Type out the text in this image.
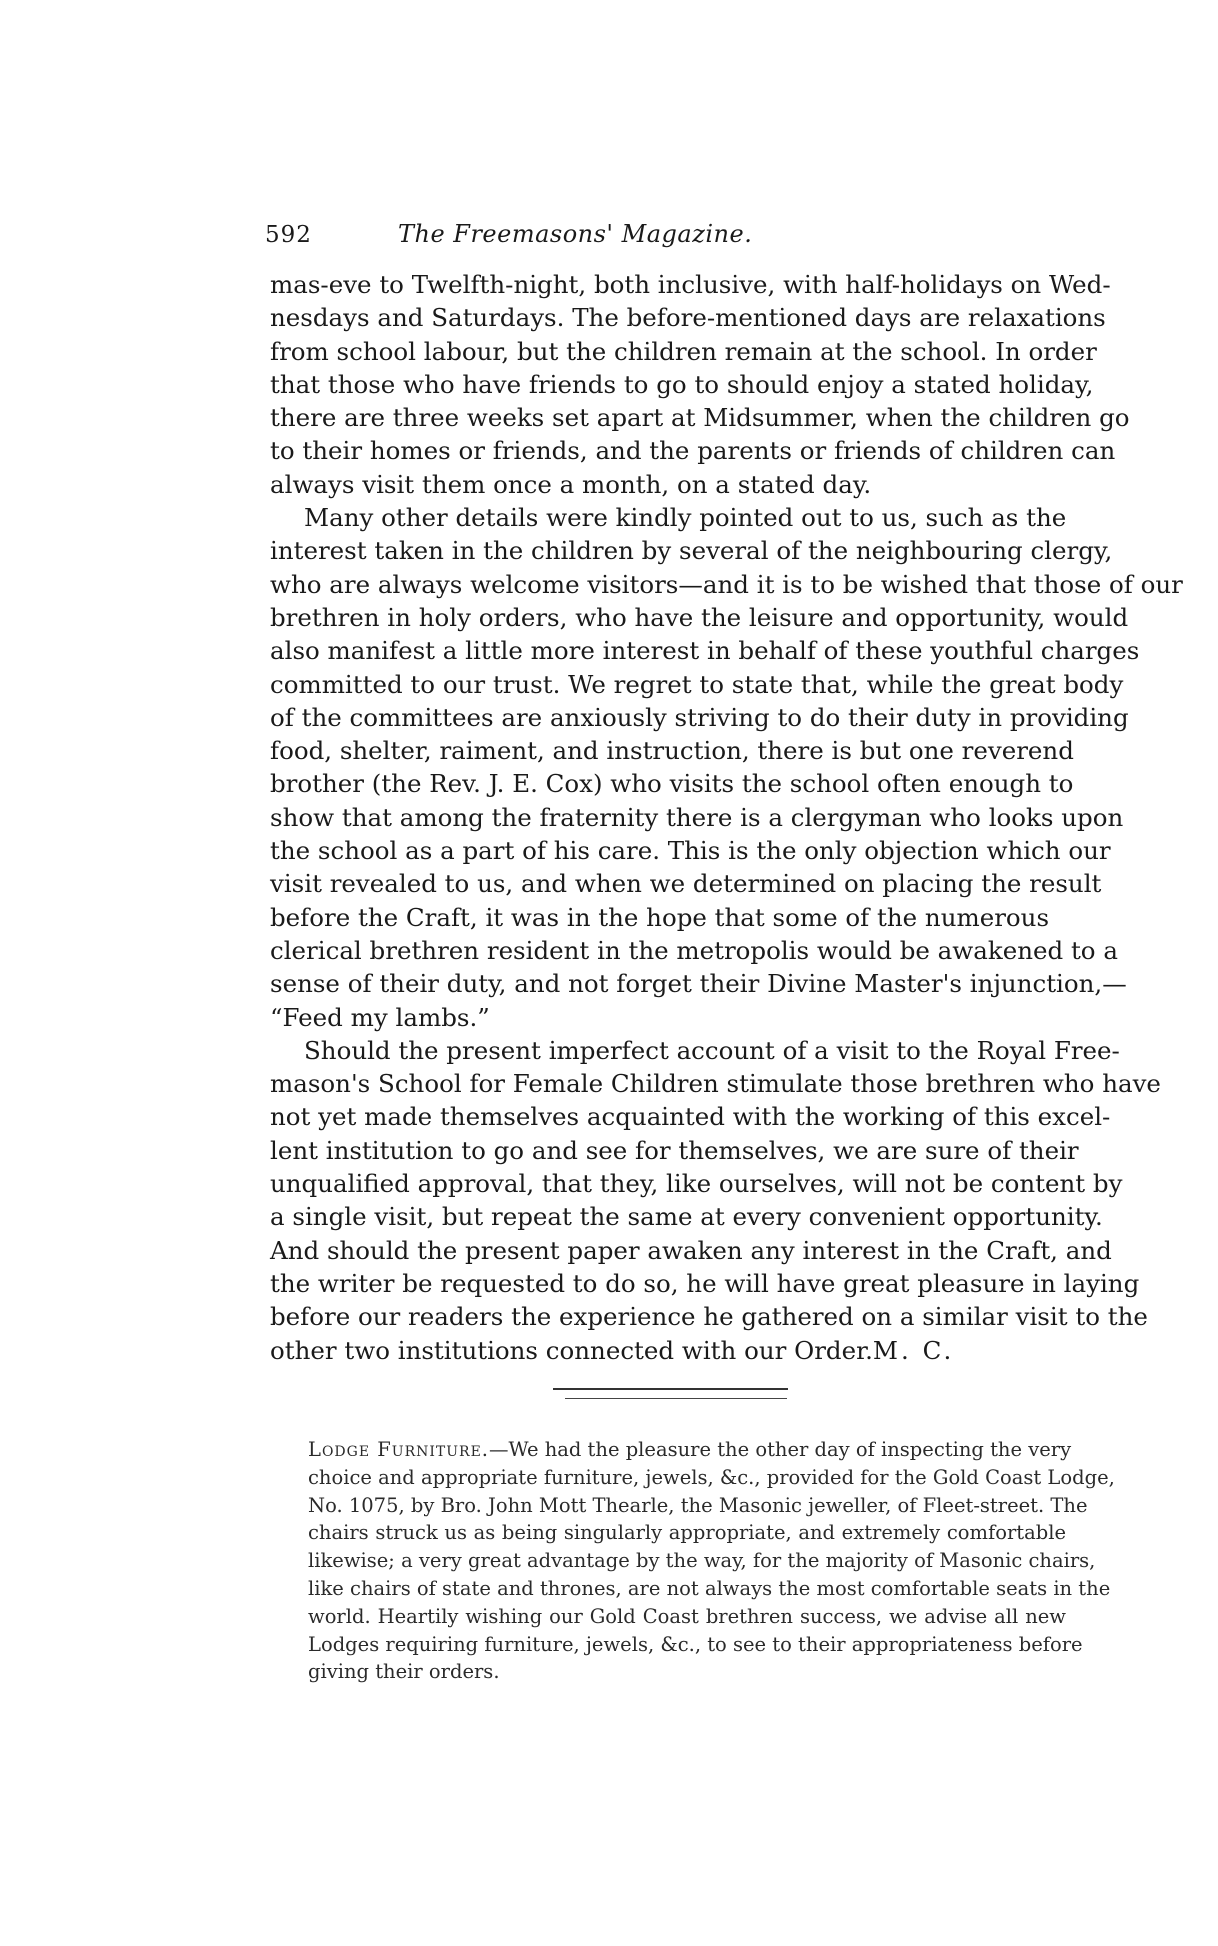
592	The Freemasons' Magazine.
mas-eve to Twelfth-night, both inclusive, with half-holidays on Wed-
nesdays and Saturdays. The before-mentioned days are relaxations
from school labour, but the children remain at the school. In order
that those who have friends to go to should enjoy a stated holiday,
there are three weeks set apart at Midsummer, when the children go
to their homes or friends, and the parents or friends of children can
always visit them once a month, on a stated day.
Many other details were kindly pointed out to us, such as the
interest taken in the children by several of the neighbouring clergy,
who are always welcome visitors—and it is to be wished that those of our
brethren in holy orders, who have the leisure and opportunity, would
also manifest a little more interest in behalf of these youthful charges
committed to our trust. We regret to state that, while the great body
of the committees are anxiously striving to do their duty in providing
food, shelter, raiment, and instruction, there is but one reverend
brother (the Rev. J. E. Cox) who visits the school often enough to
show that among the fraternity there is a clergyman who looks upon
the school as a part of his care. This is the only objection which our
visit revealed to us, and when we determined on placing the result
before the Craft, it was in the hope that some of the numerous
clerical brethren resident in the metropolis would be awakened to a
sense of their duty, and not forget their Divine Master's injunction,—
“Feed my lambs.”
Should the present imperfect account of a visit to the Royal Free-
mason's School for Female Children stimulate those brethren who have
not yet made themselves acquainted with the working of this excel-
lent institution to go and see for themselves, we are sure of their
unqualified approval, that they, like ourselves, will not be content by
a single visit, but repeat the same at every convenient opportunity.
And should the present paper awaken any interest in the Craft, and
the writer be requested to do so, he will have great pleasure in laying
before our readers the experience he gathered on a similar visit to the
other two institutions connected with our Order. M. C.
Lodge Furniture.—We had the pleasure the other day of inspecting the very
choice and appropriate furniture, jewels, &c., provided for the Gold Coast Lodge,
No. 1075, by Bro. John Mott Thearle, the Masonic jeweller, of Fleet-street. The
chairs struck us as being singularly appropriate, and extremely comfortable
likewise; a very great advantage by the way, for the majority of Masonic chairs,
like chairs of state and thrones, are not always the most comfortable seats in the
world. Heartily wishing our Gold Coast brethren success, we advise all new
Lodges requiring furniture, jewels, &c., to see to their appropriateness before
giving their orders.
